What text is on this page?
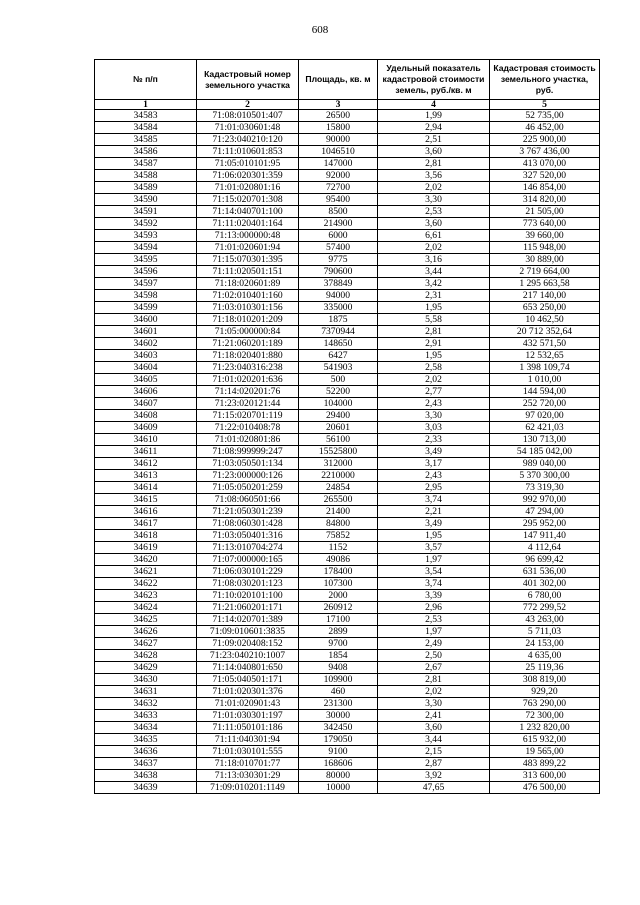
608
№ п/п	Кадастровый номер земельного участка	Площадь, кв. м	Удельный показатель кадастровой стоимости земель, руб./кв. м	Кадастровая стоимость земельного участка, руб.
1	2	3	4	5
34583	71:08:010501:407	26500	1,99	52 735,00
34584	71:01:030601:48	15800	2,94	46 452,00
34585	71:23:040210:120	90000	2,51	225 900,00
34586	71:11:010601:853	1046510	3,60	3 767 436,00
34587	71:05:010101:95	147000	2,81	413 070,00
34588	71:06:020301:359	92000	3,56	327 520,00
34589	71:01:020801:16	72700	2,02	146 854,00
34590	71:15:020701:308	95400	3,30	314 820,00
34591	71:14:040701:100	8500	2,53	21 505,00
34592	71:11:020401:164	214900	3,60	773 640,00
34593	71:13:000000:48	6000	6,61	39 660,00
34594	71:01:020601:94	57400	2,02	115 948,00
34595	71:15:070301:395	9775	3,16	30 889,00
34596	71:11:020501:151	790600	3,44	2 719 664,00
34597	71:18:020601:89	378849	3,42	1 295 663,58
34598	71:02:010401:160	94000	2,31	217 140,00
34599	71:03:010301:156	335000	1,95	653 250,00
34600	71:18:010201:209	1875	5,58	10 462,50
34601	71:05:000000:84	7370944	2,81	20 712 352,64
34602	71:21:060201:189	148650	2,91	432 571,50
34603	71:18:020401:880	6427	1,95	12 532,65
34604	71:23:040316:238	541903	2,58	1 398 109,74
34605	71:01:020201:636	500	2,02	1 010,00
34606	71:14:020201:76	52200	2,77	144 594,00
34607	71:23:020121:44	104000	2,43	252 720,00
34608	71:15:020701:119	29400	3,30	97 020,00
34609	71:22:010408:78	20601	3,03	62 421,03
34610	71:01:020801:86	56100	2,33	130 713,00
34611	71:08:999999:247	15525800	3,49	54 185 042,00
34612	71:03:050501:134	312000	3,17	989 040,00
34613	71:23:000000:126	2210000	2,43	5 370 300,00
34614	71:05:050201:259	24854	2,95	73 319,30
34615	71:08:060501:66	265500	3,74	992 970,00
34616	71:21:050301:239	21400	2,21	47 294,00
34617	71:08:060301:428	84800	3,49	295 952,00
34618	71:03:050401:316	75852	1,95	147 911,40
34619	71:13:010704:274	1152	3,57	4 112,64
34620	71:07:000000:165	49086	1,97	96 699,42
34621	71:06:030101:229	178400	3,54	631 536,00
34622	71:08:030201:123	107300	3,74	401 302,00
34623	71:10:020101:100	2000	3,39	6 780,00
34624	71:21:060201:171	260912	2,96	772 299,52
34625	71:14:020701:389	17100	2,53	43 263,00
34626	71:09:010601:3835	2899	1,97	5 711,03
34627	71:09:020408:152	9700	2,49	24 153,00
34628	71:23:040210:1007	1854	2,50	4 635,00
34629	71:14:040801:650	9408	2,67	25 119,36
34630	71:05:040501:171	109900	2,81	308 819,00
34631	71:01:020301:376	460	2,02	929,20
34632	71:01:020901:43	231300	3,30	763 290,00
34633	71:01:030301:197	30000	2,41	72 300,00
34634	71:11:050101:186	342450	3,60	1 232 820,00
34635	71:11:040301:94	179050	3,44	615 932,00
34636	71:01:030101:555	9100	2,15	19 565,00
34637	71:18:010701:77	168606	2,87	483 899,22
34638	71:13:030301:29	80000	3,92	313 600,00
34639	71:09:010201:1149	10000	47,65	476 500,00
